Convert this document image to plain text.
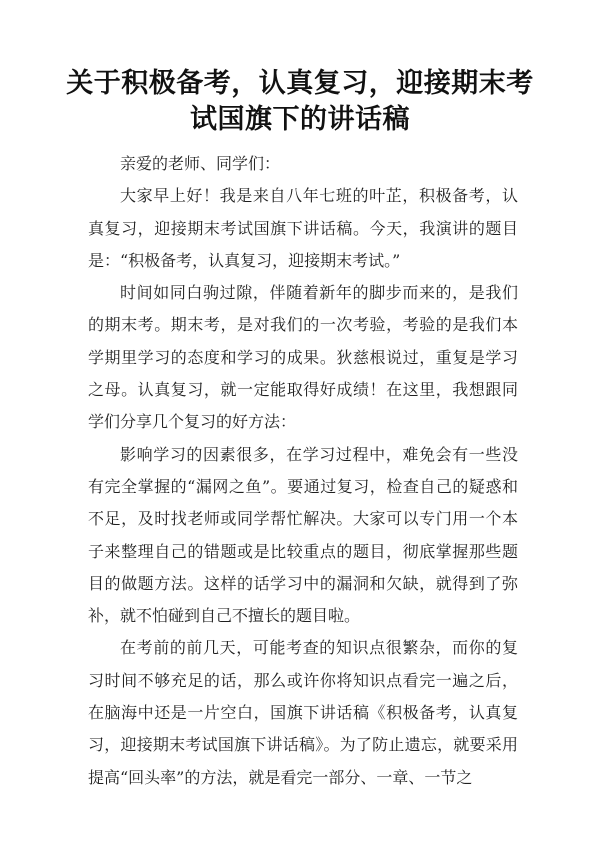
关于积极备考，认真复习，迎接期末考
试国旗下的讲话稿

亲爱的老师、同学们：

大家早上好！我是来自八年七班的叶芷，积极备考，认真复习，迎接期末考试国旗下讲话稿。今天，我演讲的题目是：“积极备考，认真复习，迎接期末考试。”

时间如同白驹过隙，伴随着新年的脚步而来的，是我们的期末考。期末考，是对我们的一次考验，考验的是我们本学期里学习的态度和学习的成果。狄慈根说过，重复是学习之母。认真复习，就一定能取得好成绩！在这里，我想跟同学们分享几个复习的好方法：

影响学习的因素很多，在学习过程中，难免会有一些没有完全掌握的“漏网之鱼”。要通过复习，检查自己的疑惑和不足，及时找老师或同学帮忙解决。大家可以专门用一个本子来整理自己的错题或是比较重点的题目，彻底掌握那些题目的做题方法。这样的话学习中的漏洞和欠缺，就得到了弥补，就不怕碰到自己不擅长的题目啦。

在考前的前几天，可能考查的知识点很繁杂，而你的复习时间不够充足的话，那么或许你将知识点看完一遍之后，在脑海中还是一片空白，国旗下讲话稿《积极备考，认真复习，迎接期末考试国旗下讲话稿》。为了防止遗忘，就要采用提高“回头率”的方法，就是看完一部分、一章、一节之
